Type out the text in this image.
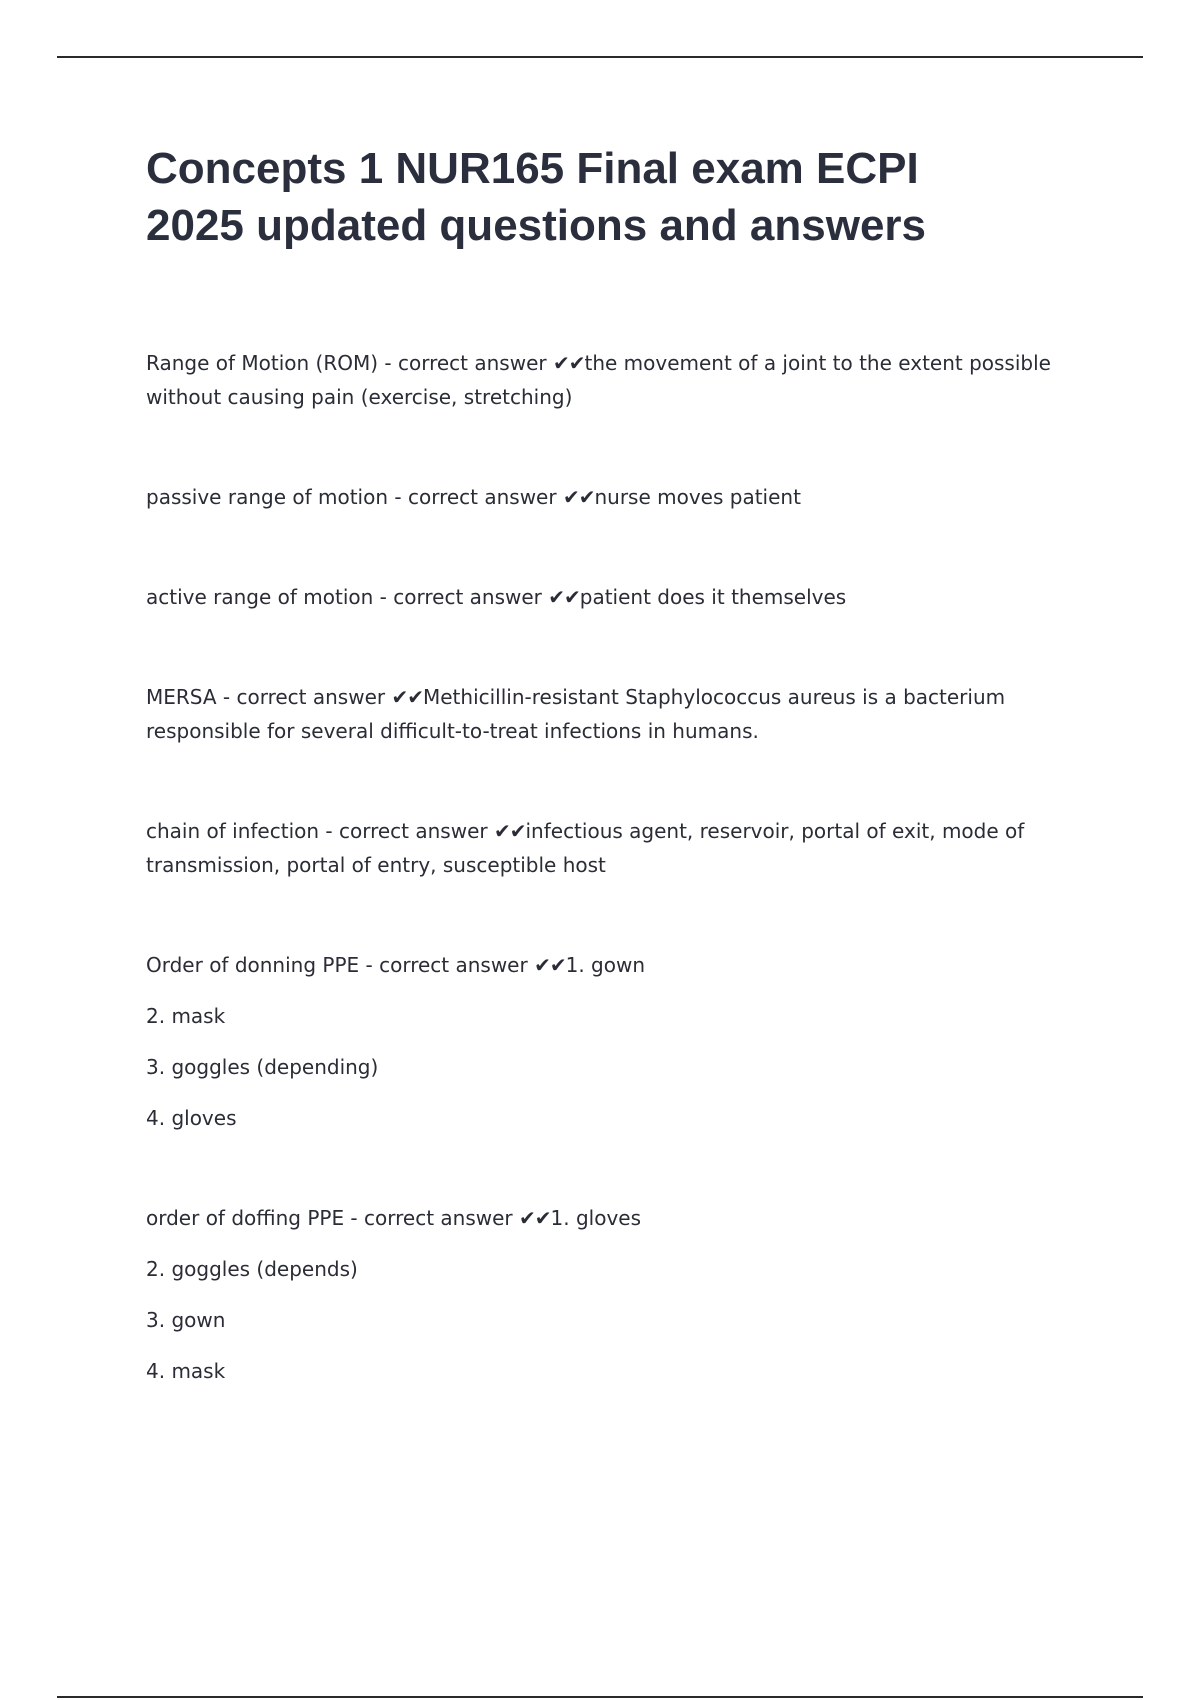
Concepts 1 NUR165 Final exam ECPI
2025 updated questions and answers
Range of Motion (ROM) - correct answer ✔✔the movement of a joint to the extent possible
without causing pain (exercise, stretching)
passive range of motion - correct answer ✔✔nurse moves patient
active range of motion - correct answer ✔✔patient does it themselves
MERSA - correct answer ✔✔Methicillin-resistant Staphylococcus aureus is a bacterium
responsible for several difficult-to-treat infections in humans.
chain of infection - correct answer ✔✔infectious agent, reservoir, portal of exit, mode of
transmission, portal of entry, susceptible host
Order of donning PPE - correct answer ✔✔1. gown
2. mask
3. goggles (depending)
4. gloves
order of doffing PPE - correct answer ✔✔1. gloves
2. goggles (depends)
3. gown
4. mask
